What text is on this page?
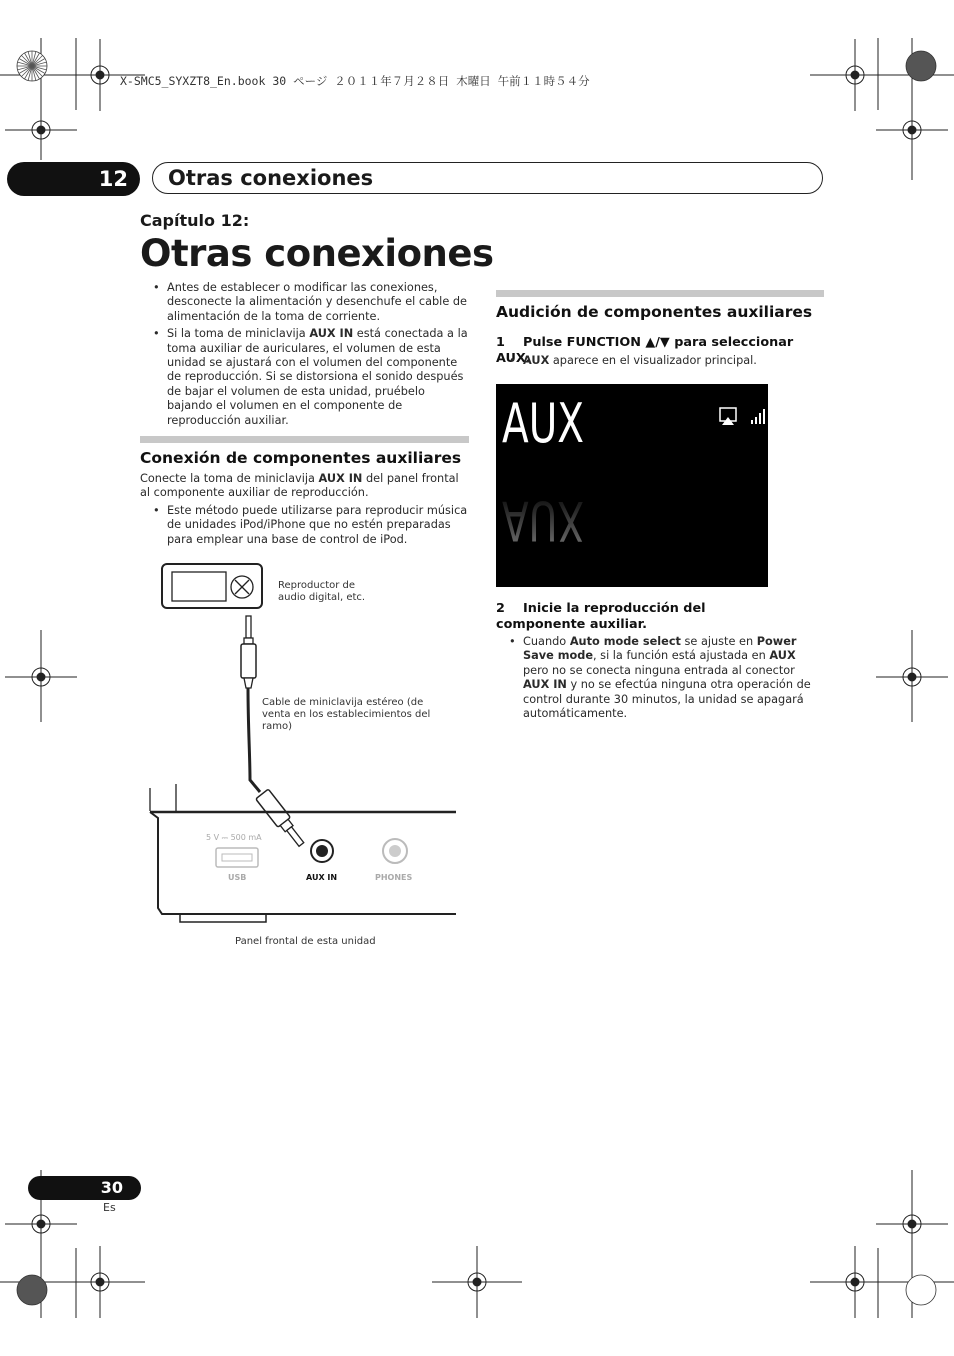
X-SMC5_SYXZT8_En.book 30 ページ ２０１１年７月２８日 木曜日 午前１１時５４分
12	Otras conexiones
Capítulo 12:
Otras conexiones
• Antes de establecer o modificar las conexiones, desconecte la alimentación y desenchufe el cable de alimentación de la toma de corriente.
• Si la toma de miniclavija AUX IN está conectada a la toma auxiliar de auriculares, el volumen de esta unidad se ajustará con el volumen del componente de reproducción. Si se distorsiona el sonido después de bajar el volumen de esta unidad, pruébelo bajando el volumen en el componente de reproducción auxiliar.
Conexión de componentes auxiliares
Conecte la toma de miniclavija AUX IN del panel frontal al componente auxiliar de reproducción.
• Este método puede utilizarse para reproducir música de unidades iPod/iPhone que no estén preparadas para emplear una base de control de iPod.
Reproductor de
audio digital, etc.
Cable de miniclavija estéreo (de
venta en los establecimientos del
ramo)
5 V ⎓ 500 mA
USB	AUX IN	PHONES
Panel frontal de esta unidad
Audición de componentes auxiliares
1 Pulse FUNCTION ▲/▼ para seleccionar AUX.
• AUX aparece en el visualizador principal.
AUX
AUX
2 Inicie la reproducción del componente auxiliar.
• Cuando Auto mode select se ajuste en Power Save mode, si la función está ajustada en AUX pero no se conecta ninguna entrada al conector AUX IN y no se efectúa ninguna otra operación de control durante 30 minutos, la unidad se apagará automáticamente.
30
Es
